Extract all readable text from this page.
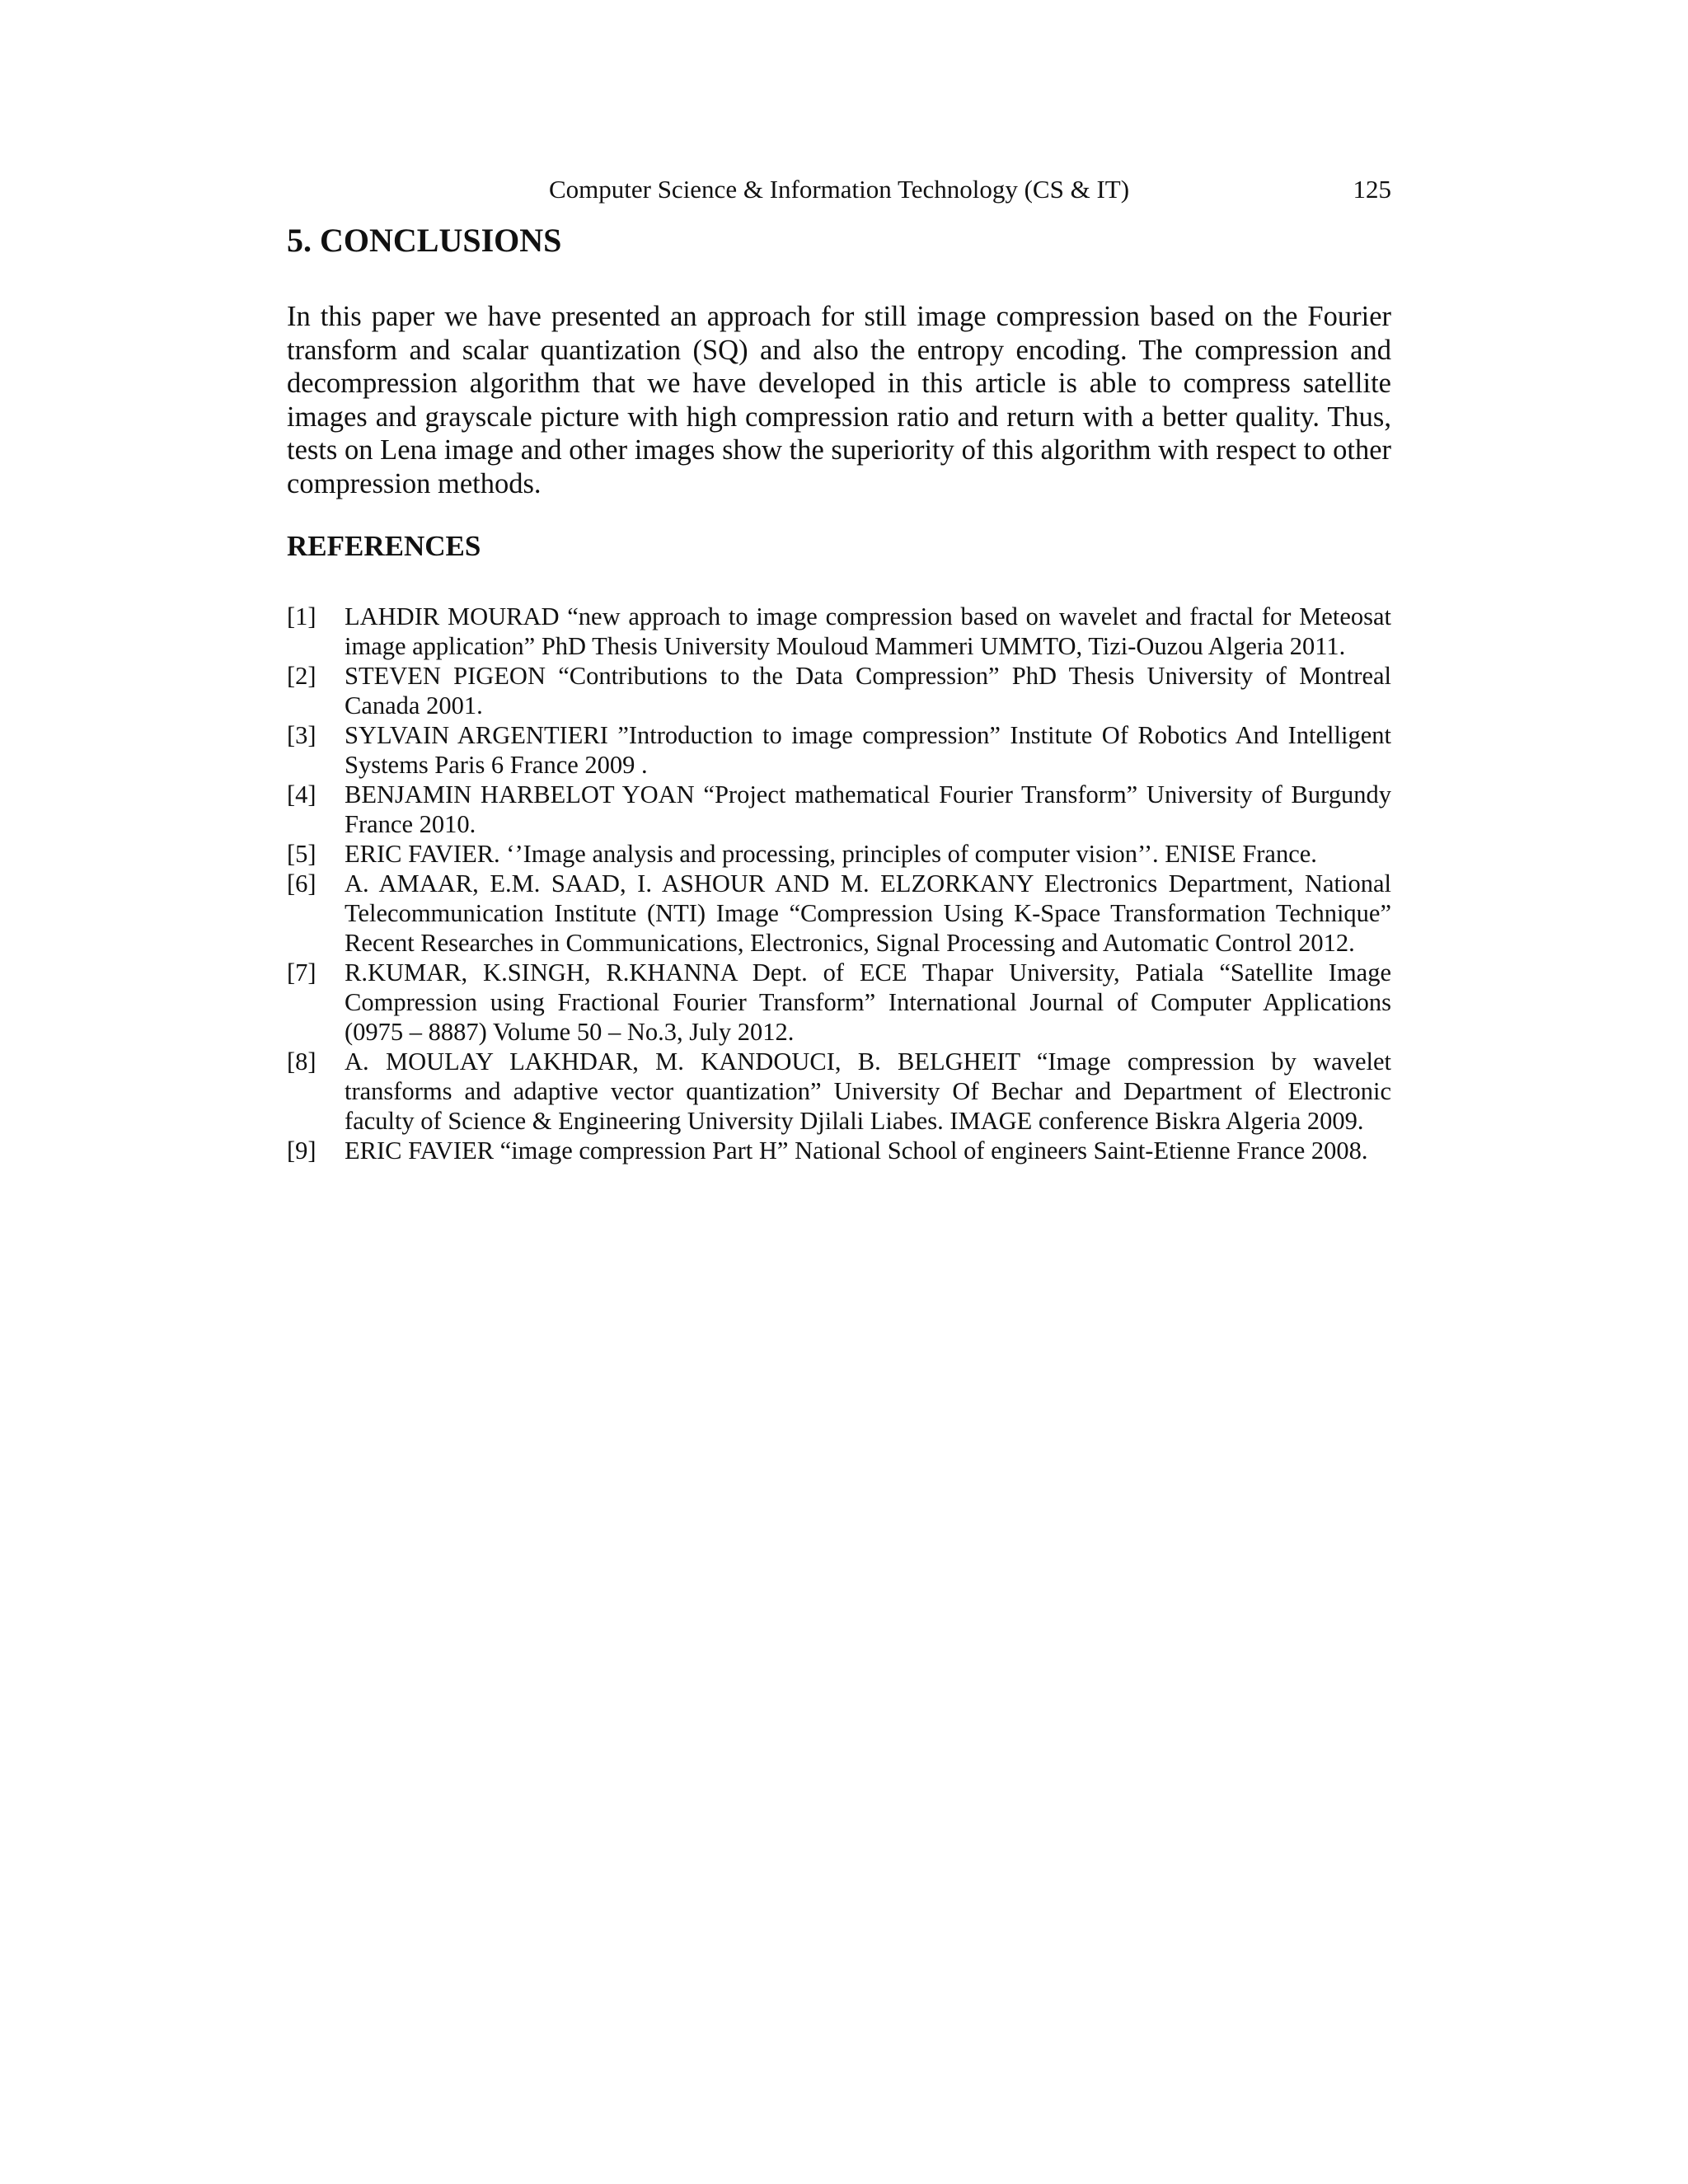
Computer Science & Information Technology (CS & IT)	125
5. CONCLUSIONS

In this paper we have presented an approach for still image compression based on the Fourier transform and scalar quantization (SQ) and also the entropy encoding. The compression and decompression algorithm that we have developed in this article is able to compress satellite images and grayscale picture with high compression ratio and return with a better quality. Thus, tests on Lena image and other images show the superiority of this algorithm with respect to other compression methods.

REFERENCES
[1] LAHDIR MOURAD “new approach to image compression based on wavelet and fractal for Meteosat image application” PhD Thesis University Mouloud Mammeri UMMTO, Tizi-Ouzou Algeria 2011.
[2] STEVEN PIGEON “Contributions to the Data Compression” PhD Thesis University of Montreal Canada 2001.
[3] SYLVAIN ARGENTIERI ”Introduction to image compression” Institute Of Robotics And Intelligent Systems Paris 6 France 2009 .
[4] BENJAMIN HARBELOT YOAN “Project mathematical Fourier Transform” University of Burgundy France 2010.
[5] ERIC FAVIER. ‘’Image analysis and processing, principles of computer vision’’. ENISE France.
[6] A. AMAAR, E.M. SAAD, I. ASHOUR AND M. ELZORKANY Electronics Department, National Telecommunication Institute (NTI) Image “Compression Using K-Space Transformation Technique” Recent Researches in Communications, Electronics, Signal Processing and Automatic Control 2012.
[7] R.KUMAR, K.SINGH, R.KHANNA Dept. of ECE Thapar University, Patiala “Satellite Image Compression using Fractional Fourier Transform” International Journal of Computer Applications (0975 – 8887) Volume 50 – No.3, July 2012.
[8] A. MOULAY LAKHDAR, M. KANDOUCI, B. BELGHEIT “Image compression by wavelet transforms and adaptive vector quantization” University Of Bechar and Department of Electronic faculty of Science & Engineering University Djilali Liabes. IMAGE conference Biskra Algeria 2009.
[9] ERIC FAVIER “image compression Part H” National School of engineers Saint-Etienne France 2008.
